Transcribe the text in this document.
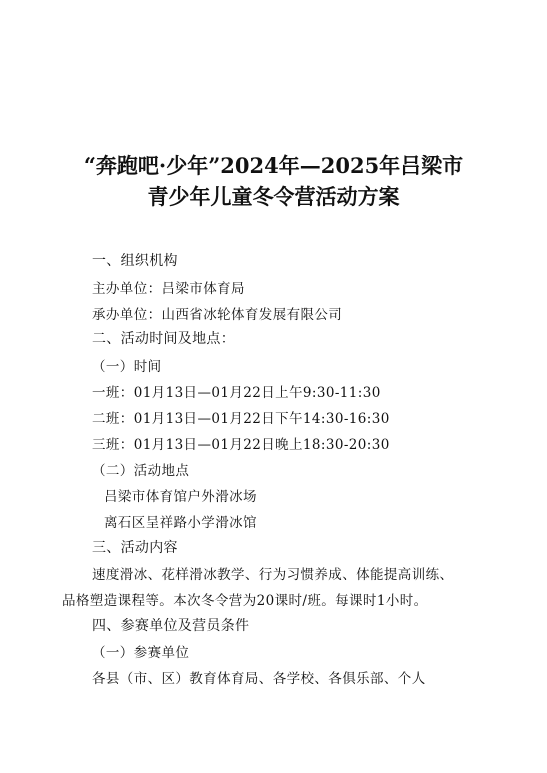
“奔跑吧·少年”2024年—2025年吕梁市
青少年儿童冬令营活动方案
一、组织机构
主办单位：吕梁市体育局
承办单位：山西省冰轮体育发展有限公司
二、活动时间及地点：
（一）时间
一班：01月13日—01月22日上午9:30-11:30
二班：01月13日—01月22日下午14:30-16:30
三班：01月13日—01月22日晚上18:30-20:30
（二）活动地点
吕梁市体育馆户外滑冰场
离石区呈祥路小学滑冰馆
三、活动内容
速度滑冰、花样滑冰教学、行为习惯养成、体能提高训练、
品格塑造课程等。本次冬令营为20课时/班。每课时1小时。
四、参赛单位及营员条件
（一）参赛单位
各县（市、区）教育体育局、各学校、各俱乐部、个人
